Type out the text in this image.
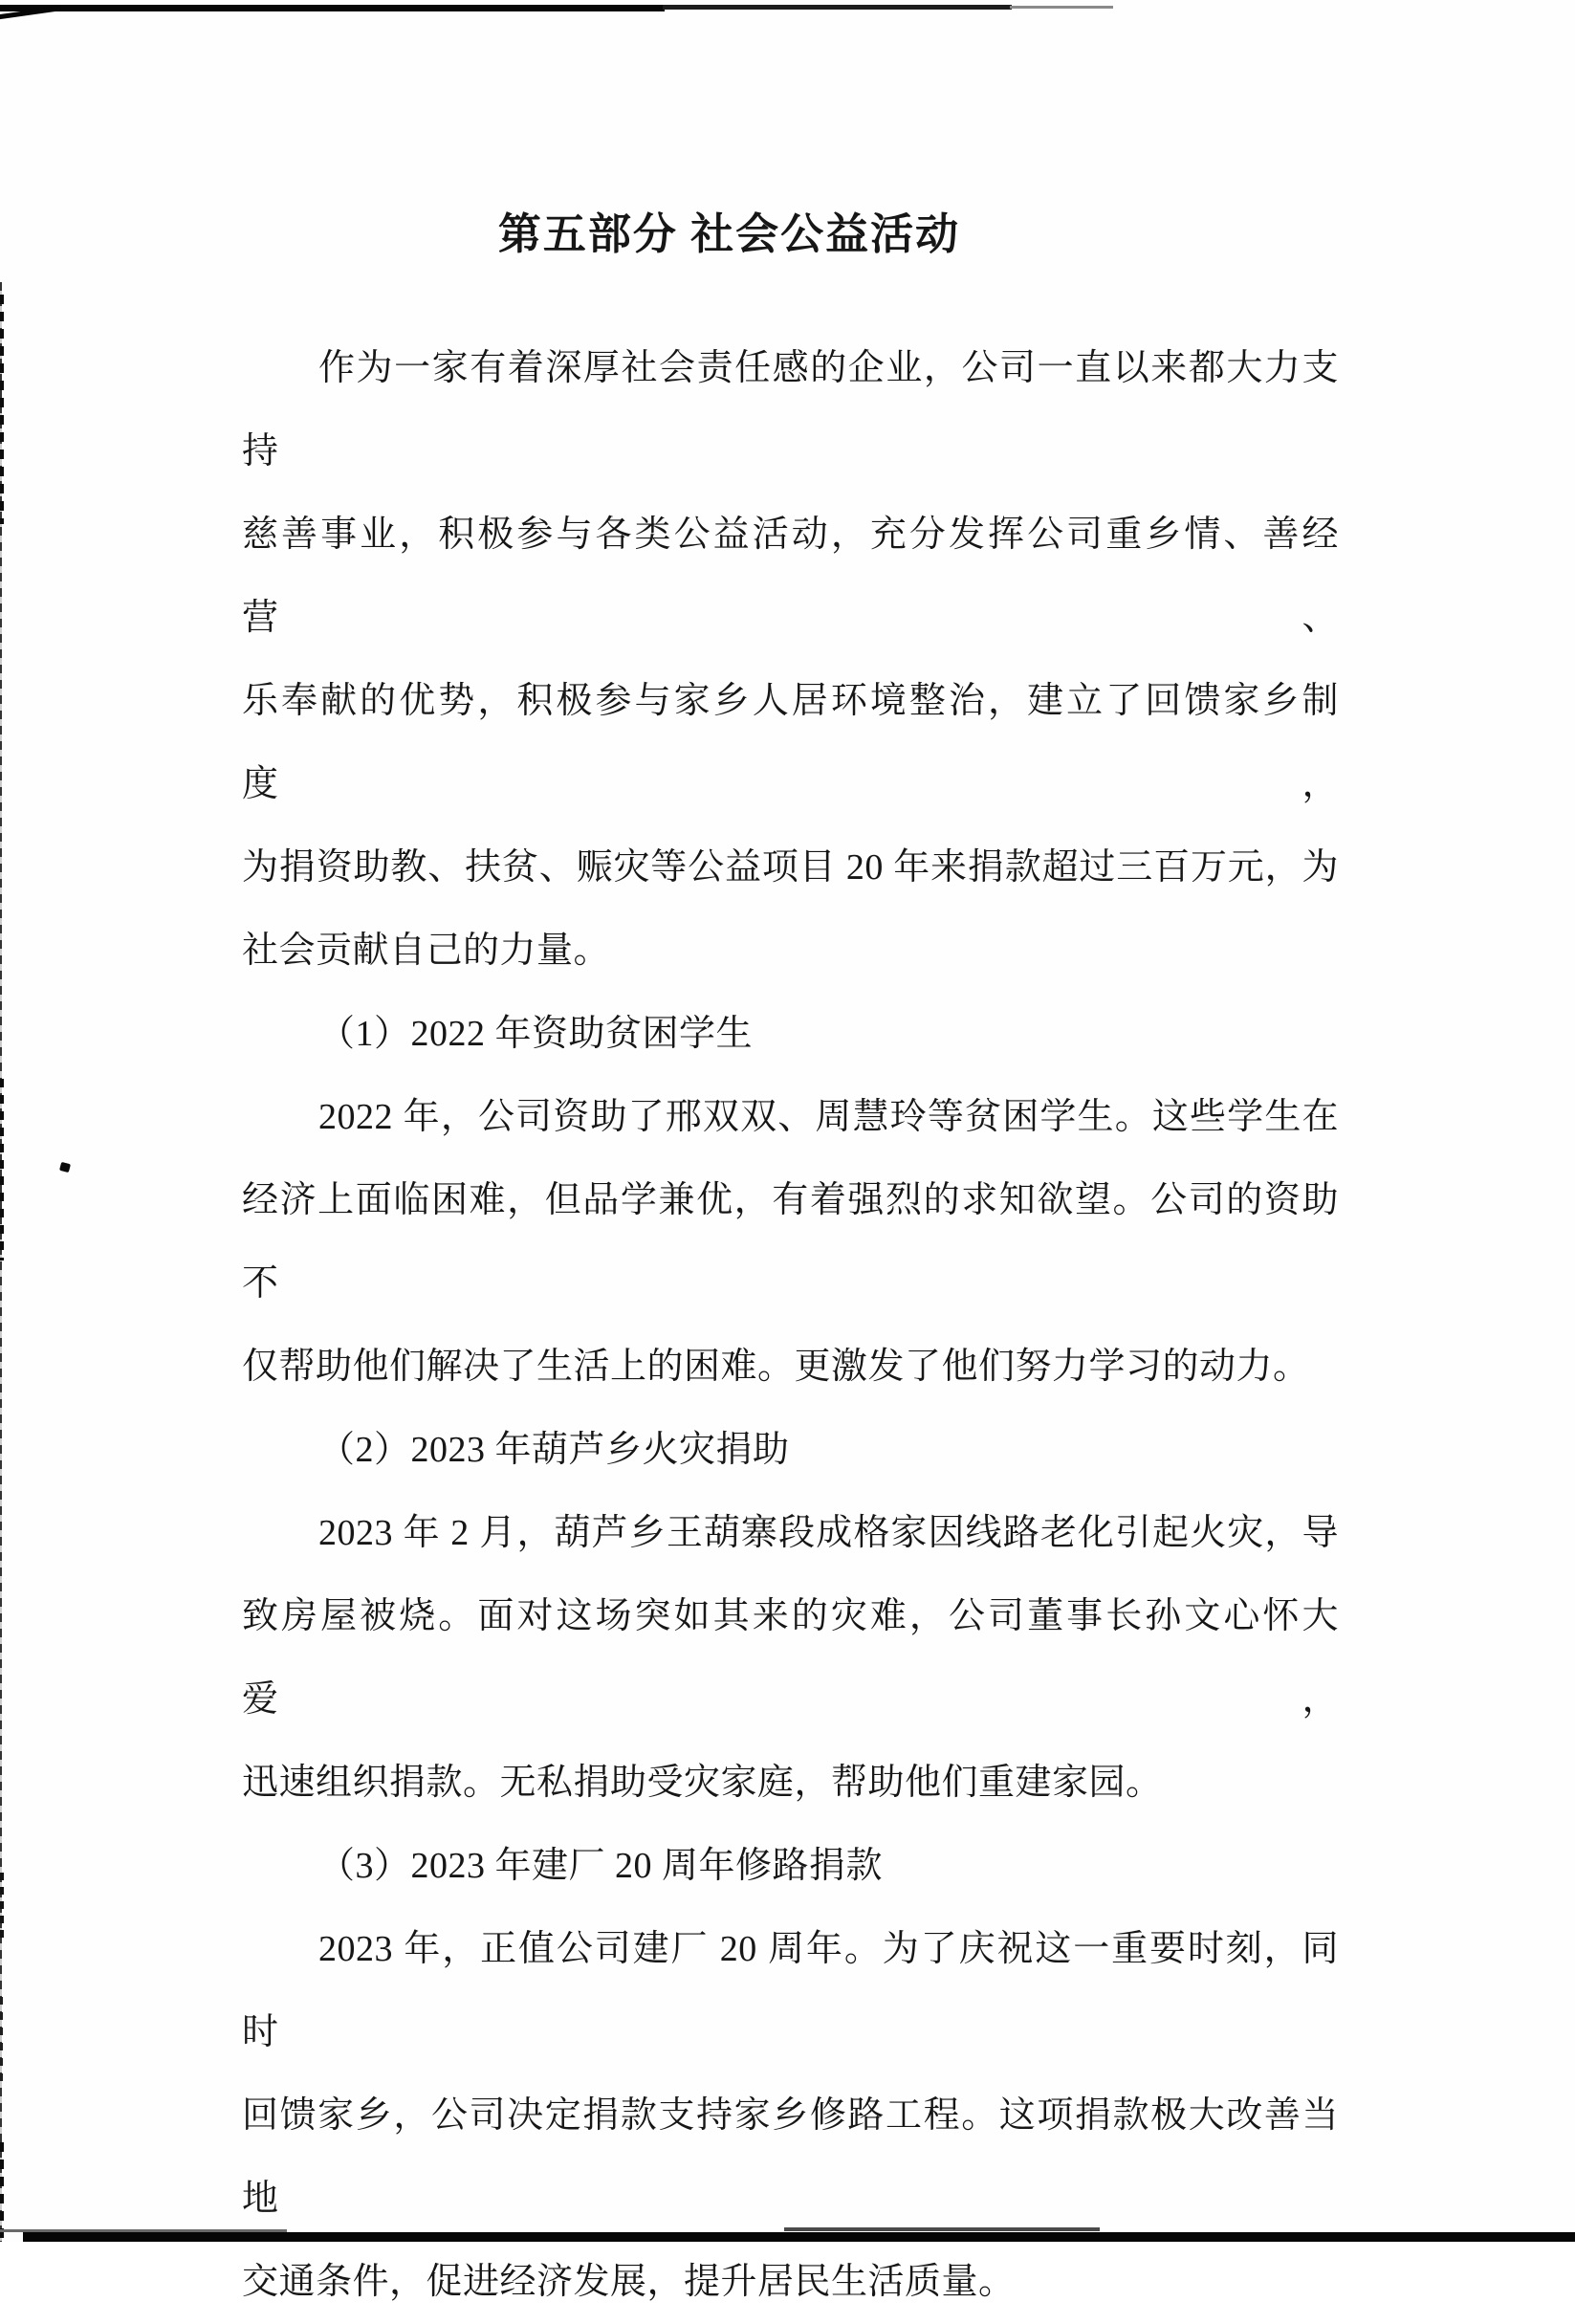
第五部分 社会公益活动
作为一家有着深厚社会责任感的企业，公司一直以来都大力支持
慈善事业，积极参与各类公益活动，充分发挥公司重乡情、善经营、
乐奉献的优势，积极参与家乡人居环境整治，建立了回馈家乡制度，
为捐资助教、扶贫、赈灾等公益项目 20 年来捐款超过三百万元，为
社会贡献自己的力量。
（1）2022 年资助贫困学生
2022 年，公司资助了邢双双、周慧玲等贫困学生。这些学生在
经济上面临困难，但品学兼优，有着强烈的求知欲望。公司的资助不
仅帮助他们解决了生活上的困难。更激发了他们努力学习的动力。
（2）2023 年葫芦乡火灾捐助
2023 年 2 月，葫芦乡王葫寨段成格家因线路老化引起火灾，导
致房屋被烧。面对这场突如其来的灾难，公司董事长孙文心怀大爱，
迅速组织捐款。无私捐助受灾家庭，帮助他们重建家园。
（3）2023 年建厂 20 周年修路捐款
2023 年，正值公司建厂 20 周年。为了庆祝这一重要时刻，同时
回馈家乡，公司决定捐款支持家乡修路工程。这项捐款极大改善当地
交通条件，促进经济发展，提升居民生活质量。
